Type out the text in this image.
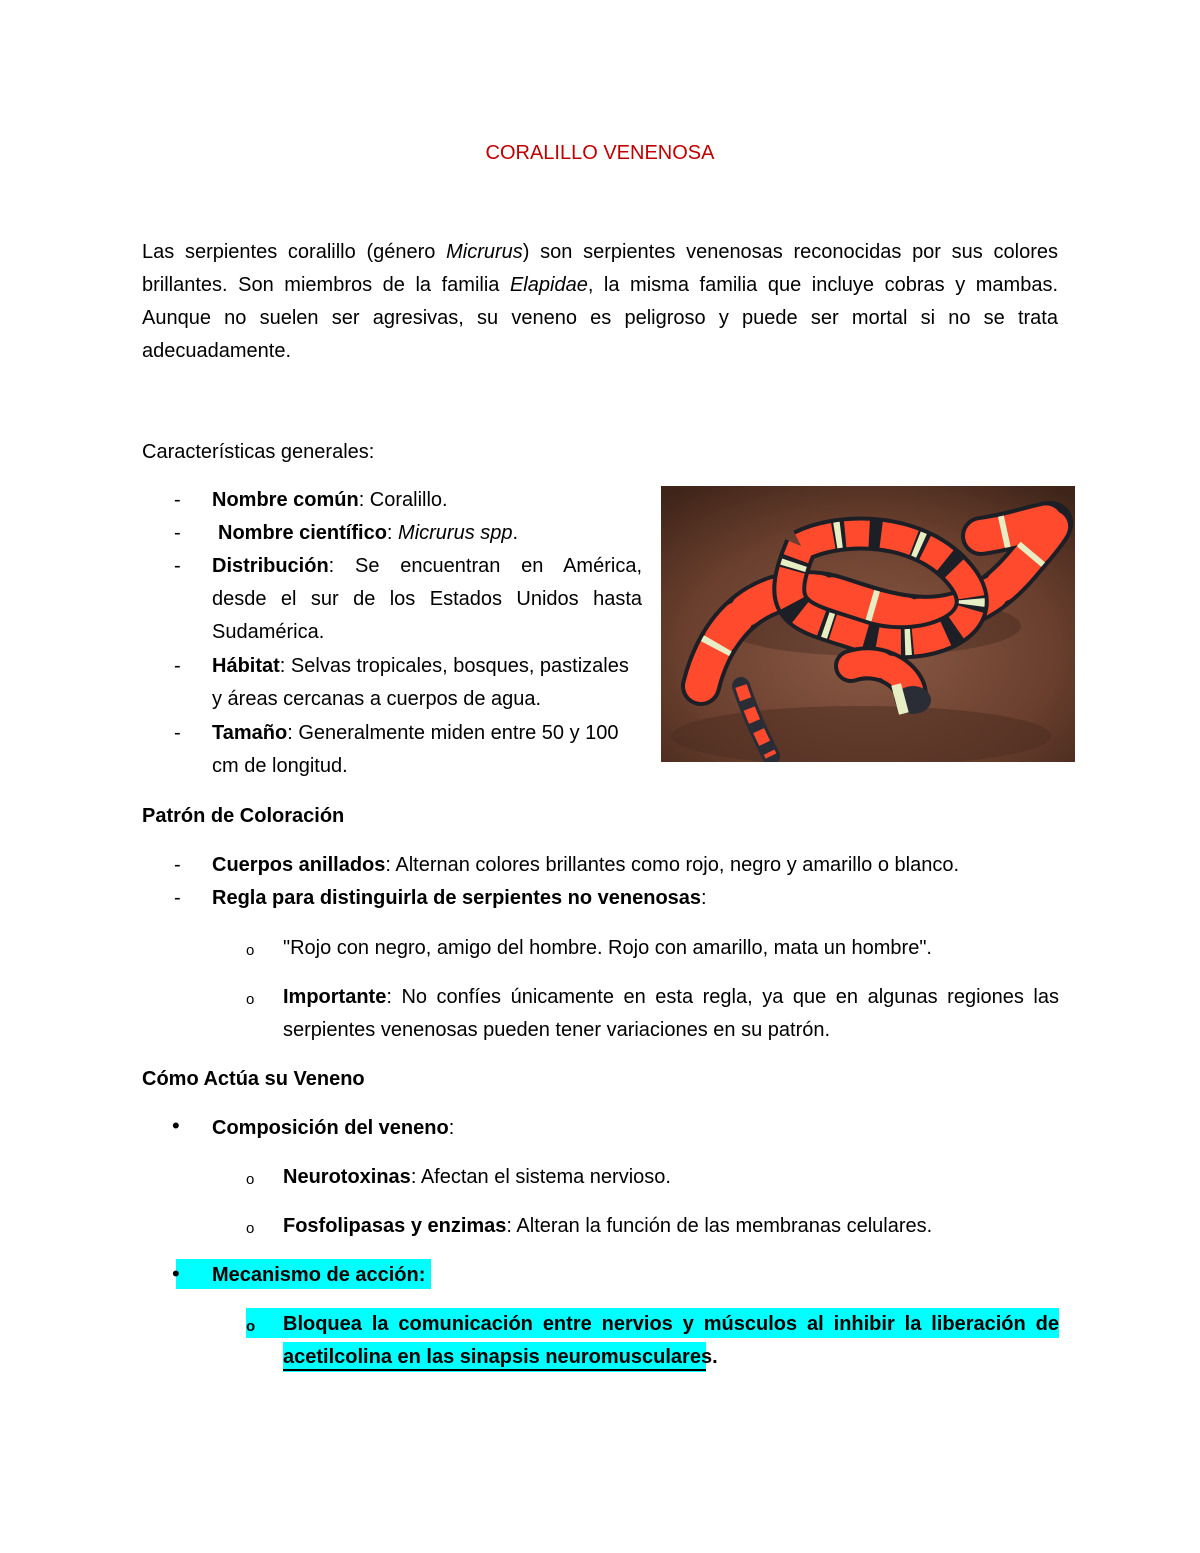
CORALILLO VENENOSA
Las serpientes coralillo (género Micrurus) son serpientes venenosas reconocidas por sus colores
brillantes. Son miembros de la familia Elapidae, la misma familia que incluye cobras y mambas.
Aunque no suelen ser agresivas, su veneno es peligroso y puede ser mortal si no se trata
adecuadamente.
Características generales:
- Nombre común: Coralillo.
- Nombre científico: Micrurus spp.
- Distribución: Se encuentran en América,
desde el sur de los Estados Unidos hasta
Sudamérica.
- Hábitat: Selvas tropicales, bosques, pastizales
y áreas cercanas a cuerpos de agua.
- Tamaño: Generalmente miden entre 50 y 100
cm de longitud.
Patrón de Coloración
- Cuerpos anillados: Alternan colores brillantes como rojo, negro y amarillo o blanco.
- Regla para distinguirla de serpientes no venenosas:
o "Rojo con negro, amigo del hombre. Rojo con amarillo, mata un hombre".
o Importante: No confíes únicamente en esta regla, ya que en algunas regiones las
serpientes venenosas pueden tener variaciones en su patrón.
Cómo Actúa su Veneno
• Composición del veneno:
o Neurotoxinas: Afectan el sistema nervioso.
o Fosfolipasas y enzimas: Alteran la función de las membranas celulares.
• Mecanismo de acción:
o Bloquea la comunicación entre nervios y músculos al inhibir la liberación de
acetilcolina en las sinapsis neuromusculares.
